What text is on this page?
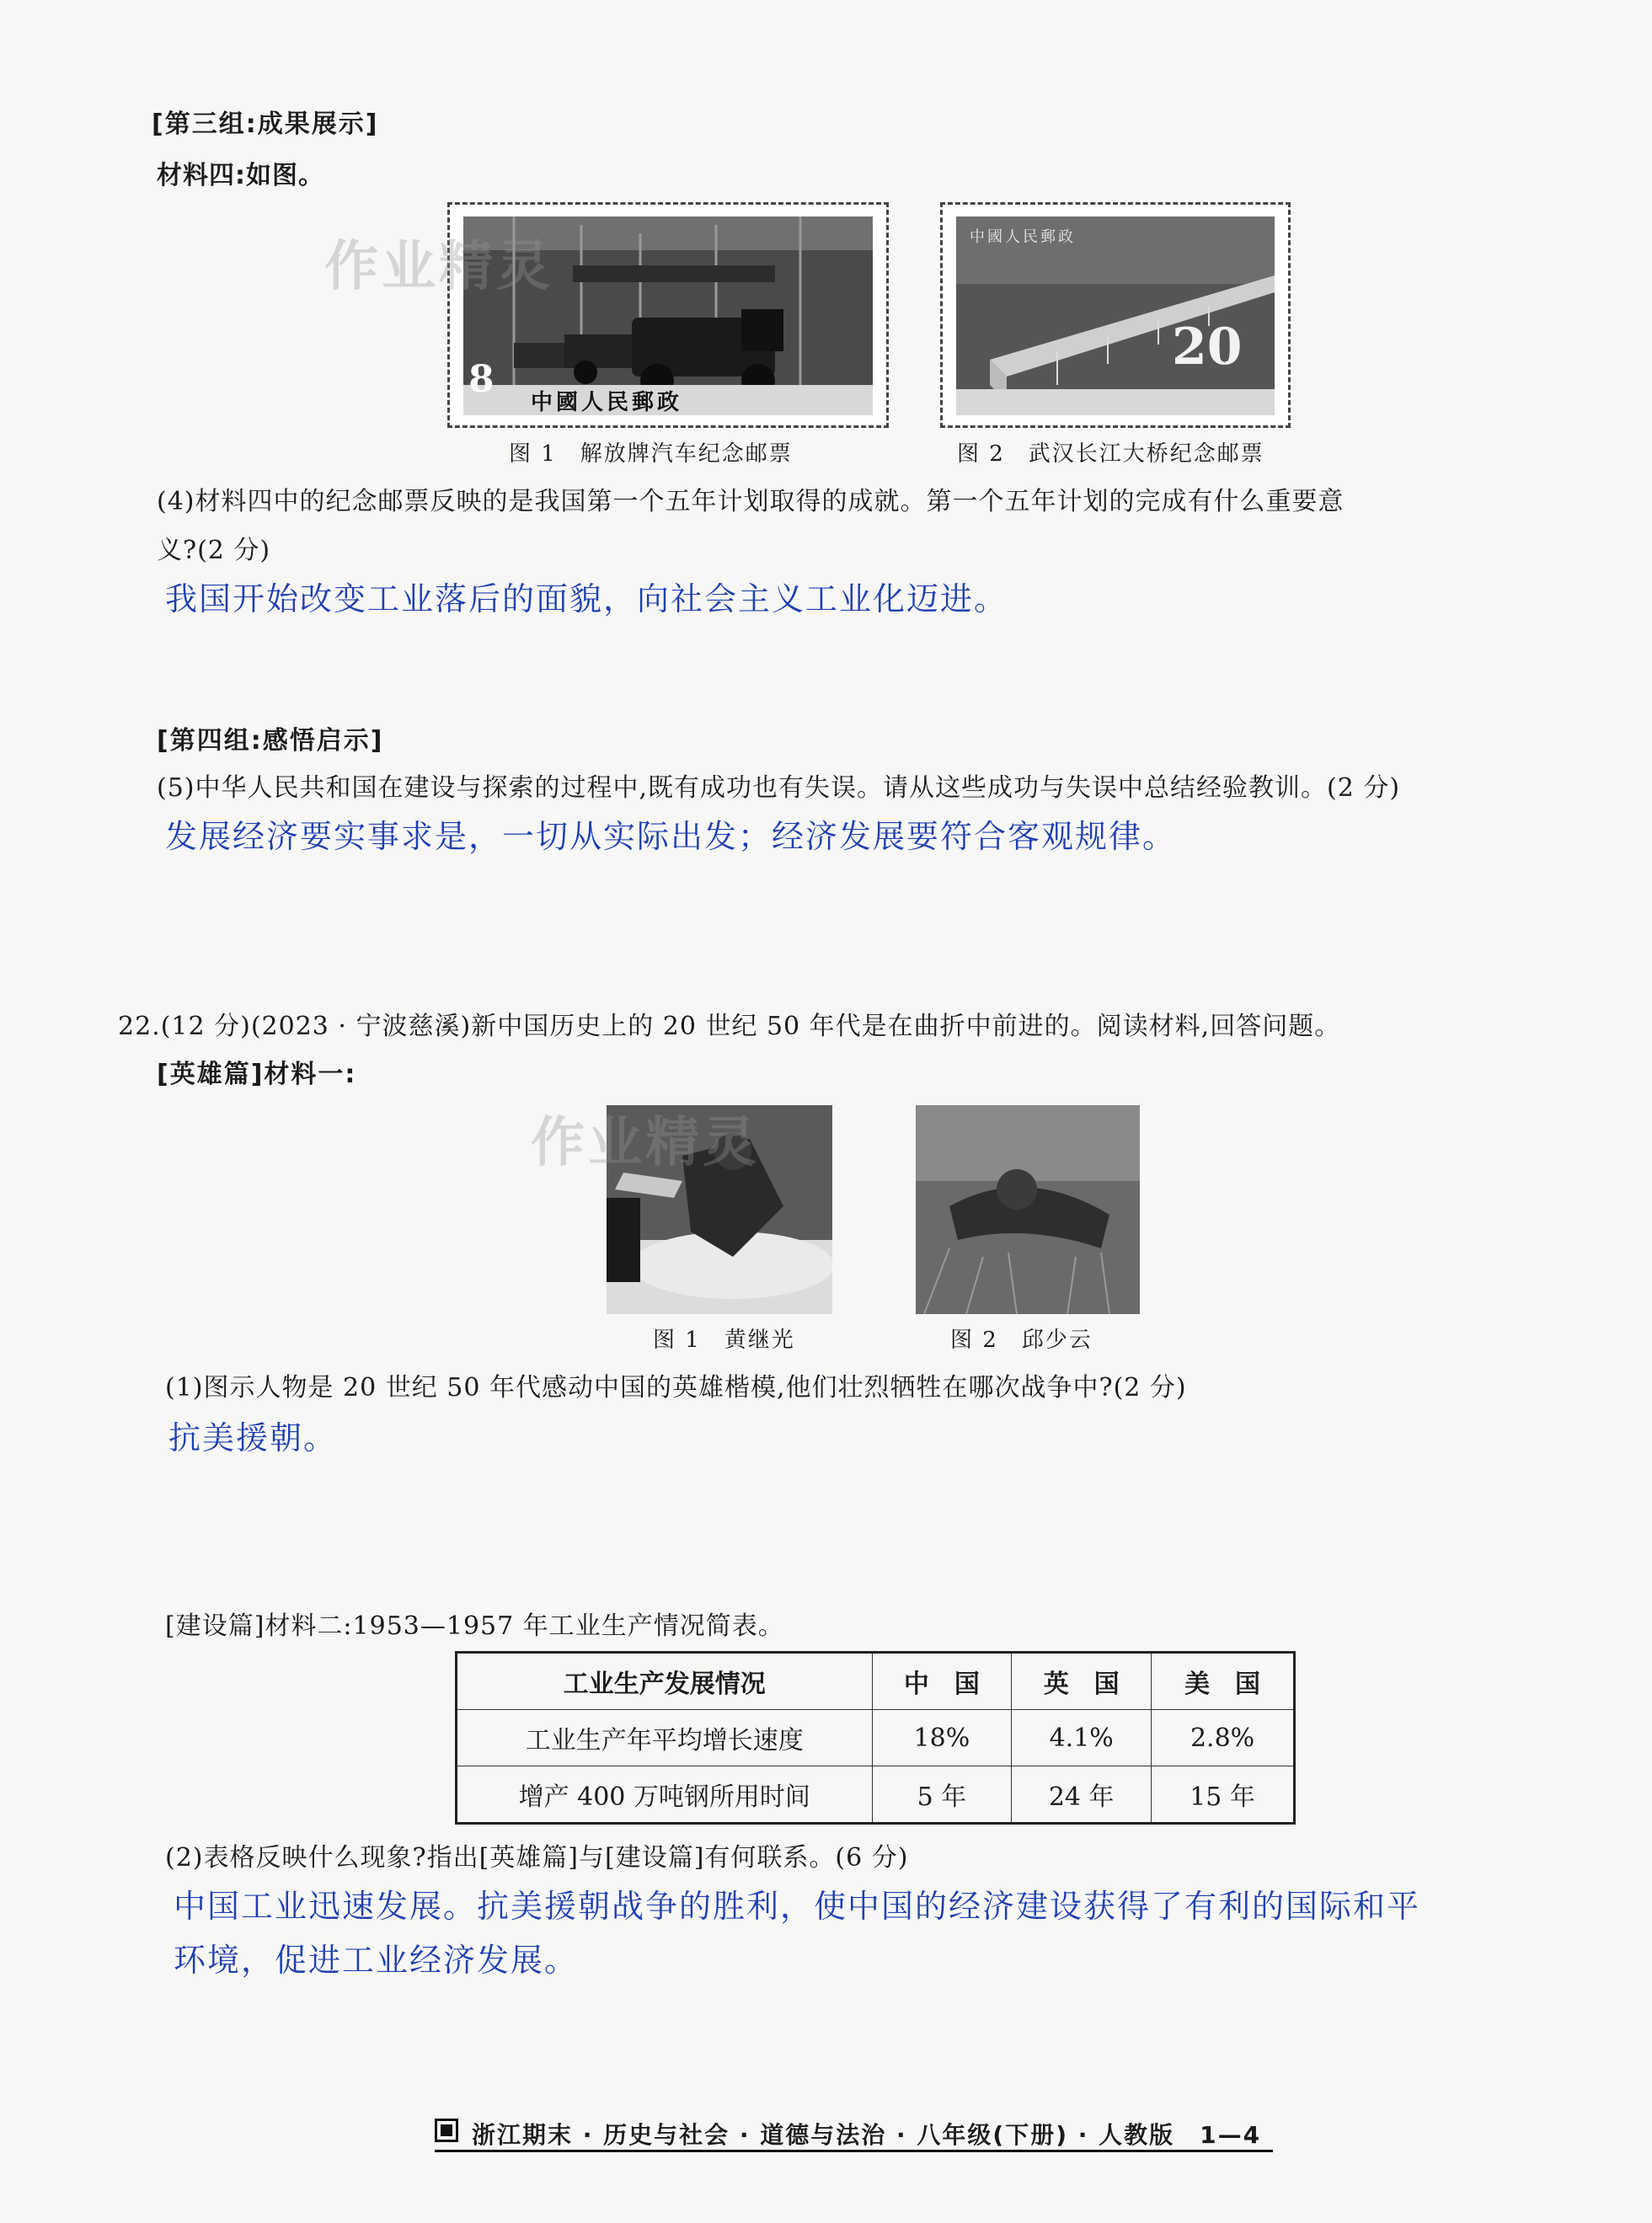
[第三组:成果展示]
材料四:如图。
8
中國人民郵政
作业精灵
20
中國人民郵政
图 1　解放牌汽车纪念邮票	图 2　武汉长江大桥纪念邮票
(4)材料四中的纪念邮票反映的是我国第一个五年计划取得的成就。第一个五年计划的完成有什么重要意
义?(2 分)
我国开始改变工业落后的面貌，向社会主义工业化迈进。
[第四组:感悟启示]
(5)中华人民共和国在建设与探索的过程中,既有成功也有失误。请从这些成功与失误中总结经验教训。(2 分)
发展经济要实事求是，一切从实际出发；经济发展要符合客观规律。
22.(12 分)(2023 · 宁波慈溪)新中国历史上的 20 世纪 50 年代是在曲折中前进的。阅读材料,回答问题。
[英雄篇]材料一:
作业精灵
图 1　黄继光	图 2　邱少云
(1)图示人物是 20 世纪 50 年代感动中国的英雄楷模,他们壮烈牺牲在哪次战争中?(2 分)
抗美援朝。
[建设篇]材料二:1953—1957 年工业生产情况简表。
工业生产发展情况	中　国	英　国	美　国
工业生产年平均增长速度	18%	4.1%	2.8%
增产 400 万吨钢所用时间	5 年	24 年	15 年
(2)表格反映什么现象?指出[英雄篇]与[建设篇]有何联系。(6 分)
中国工业迅速发展。抗美援朝战争的胜利，使中国的经济建设获得了有利的国际和平
环境，促进工业经济发展。
浙江期末 · 历史与社会 · 道德与法治 · 八年级(下册) · 人教版　1—4
